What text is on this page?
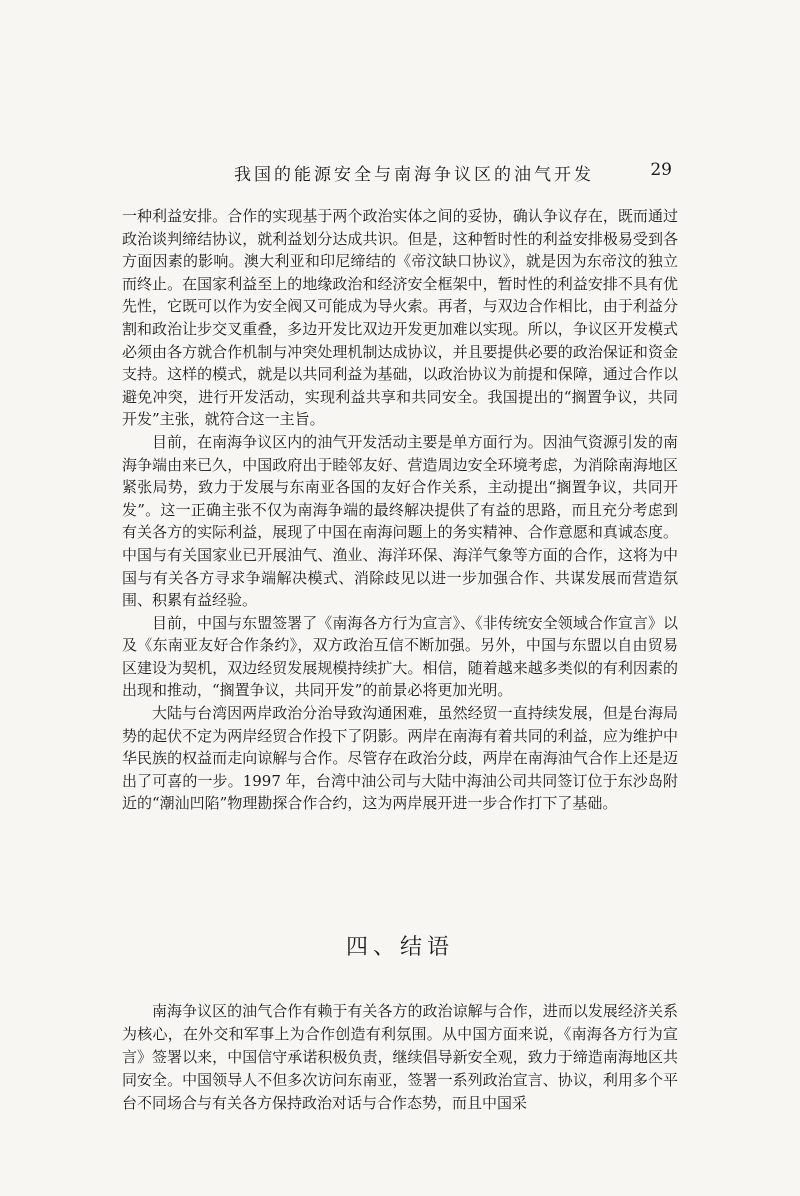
我国的能源安全与南海争议区的油气开发	29

一种利益安排。合作的实现基于两个政治实体之间的妥协，确认争议存在，既而通过政治谈判缔结协议，就利益划分达成共识。但是，这种暂时性的利益安排极易受到各方面因素的影响。澳大利亚和印尼缔结的《帝汶缺口协议》，就是因为东帝汶的独立而终止。在国家利益至上的地缘政治和经济安全框架中，暂时性的利益安排不具有优先性，它既可以作为安全阀又可能成为导火索。再者，与双边合作相比，由于利益分割和政治让步交叉重叠，多边开发比双边开发更加难以实现。所以，争议区开发模式必须由各方就合作机制与冲突处理机制达成协议，并且要提供必要的政治保证和资金支持。这样的模式，就是以共同利益为基础，以政治协议为前提和保障，通过合作以避免冲突，进行开发活动，实现利益共享和共同安全。我国提出的“搁置争议，共同开发”主张，就符合这一主旨。

目前，在南海争议区内的油气开发活动主要是单方面行为。因油气资源引发的南海争端由来已久，中国政府出于睦邻友好、营造周边安全环境考虑，为消除南海地区紧张局势，致力于发展与东南亚各国的友好合作关系，主动提出“搁置争议，共同开发”。这一正确主张不仅为南海争端的最终解决提供了有益的思路，而且充分考虑到有关各方的实际利益，展现了中国在南海问题上的务实精神、合作意愿和真诚态度。中国与有关国家业已开展油气、渔业、海洋环保、海洋气象等方面的合作，这将为中国与有关各方寻求争端解决模式、消除歧见以进一步加强合作、共谋发展而营造氛围、积累有益经验。

目前，中国与东盟签署了《南海各方行为宣言》、《非传统安全领域合作宣言》以及《东南亚友好合作条约》，双方政治互信不断加强。另外，中国与东盟以自由贸易区建设为契机，双边经贸发展规模持续扩大。相信，随着越来越多类似的有利因素的出现和推动，“搁置争议，共同开发”的前景必将更加光明。

大陆与台湾因两岸政治分治导致沟通困难，虽然经贸一直持续发展，但是台海局势的起伏不定为两岸经贸合作投下了阴影。两岸在南海有着共同的利益，应为维护中华民族的权益而走向谅解与合作。尽管存在政治分歧，两岸在南海油气合作上还是迈出了可喜的一步。1997 年，台湾中油公司与大陆中海油公司共同签订位于东沙岛附近的“潮汕凹陷”物理勘探合作合约，这为两岸展开进一步合作打下了基础。

四、结语

南海争议区的油气合作有赖于有关各方的政治谅解与合作，进而以发展经济关系为核心，在外交和军事上为合作创造有利氛围。从中国方面来说，《南海各方行为宣言》签署以来，中国信守承诺积极负责，继续倡导新安全观，致力于缔造南海地区共同安全。中国领导人不但多次访问东南亚，签署一系列政治宣言、协议，利用多个平台不同场合与有关各方保持政治对话与合作态势，而且中国采
